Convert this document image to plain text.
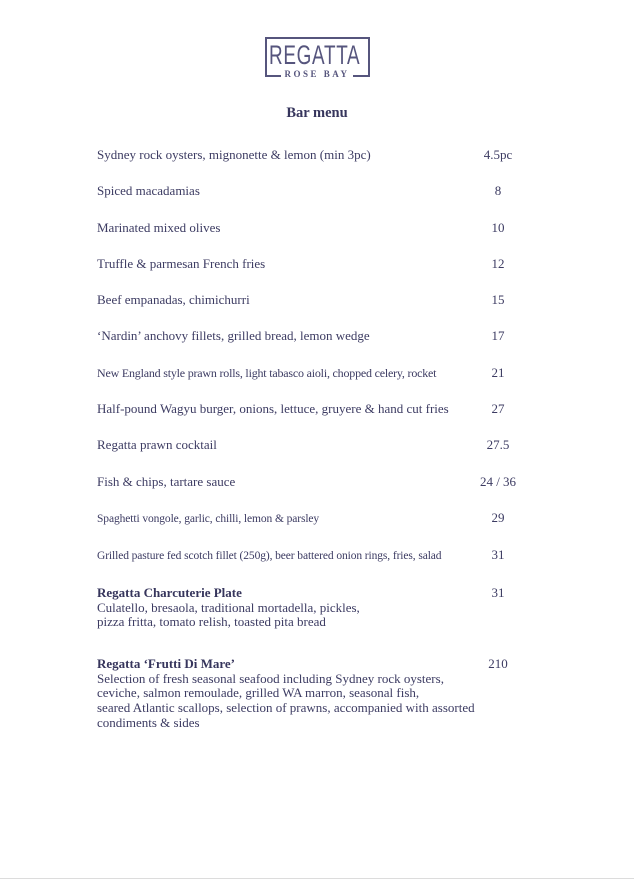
REGATTA
ROSE BAY
Bar menu
Sydney rock oysters, mignonette & lemon (min 3pc)	4.5pc
Spiced macadamias	8
Marinated mixed olives	10
Truffle & parmesan French fries	12
Beef empanadas, chimichurri	15
‘Nardin’ anchovy fillets, grilled bread, lemon wedge	17
New England style prawn rolls, light tabasco aioli, chopped celery, rocket	21
Half-pound Wagyu burger, onions, lettuce, gruyere & hand cut fries	27
Regatta prawn cocktail	27.5
Fish & chips, tartare sauce	24 / 36
Spaghetti vongole, garlic, chilli, lemon & parsley	29
Grilled pasture fed scotch fillet (250g), beer battered onion rings, fries, salad	31
Regatta Charcuterie Plate	31

Culatello, bresaola, traditional mortadella, pickles,

pizza fritta, tomato relish, toasted pita bread

Regatta ‘Frutti Di Mare’	210

Selection of fresh seasonal seafood including Sydney rock oysters,

ceviche, salmon remoulade, grilled WA marron, seasonal fish,

seared Atlantic scallops, selection of prawns, accompanied with assorted

condiments & sides
